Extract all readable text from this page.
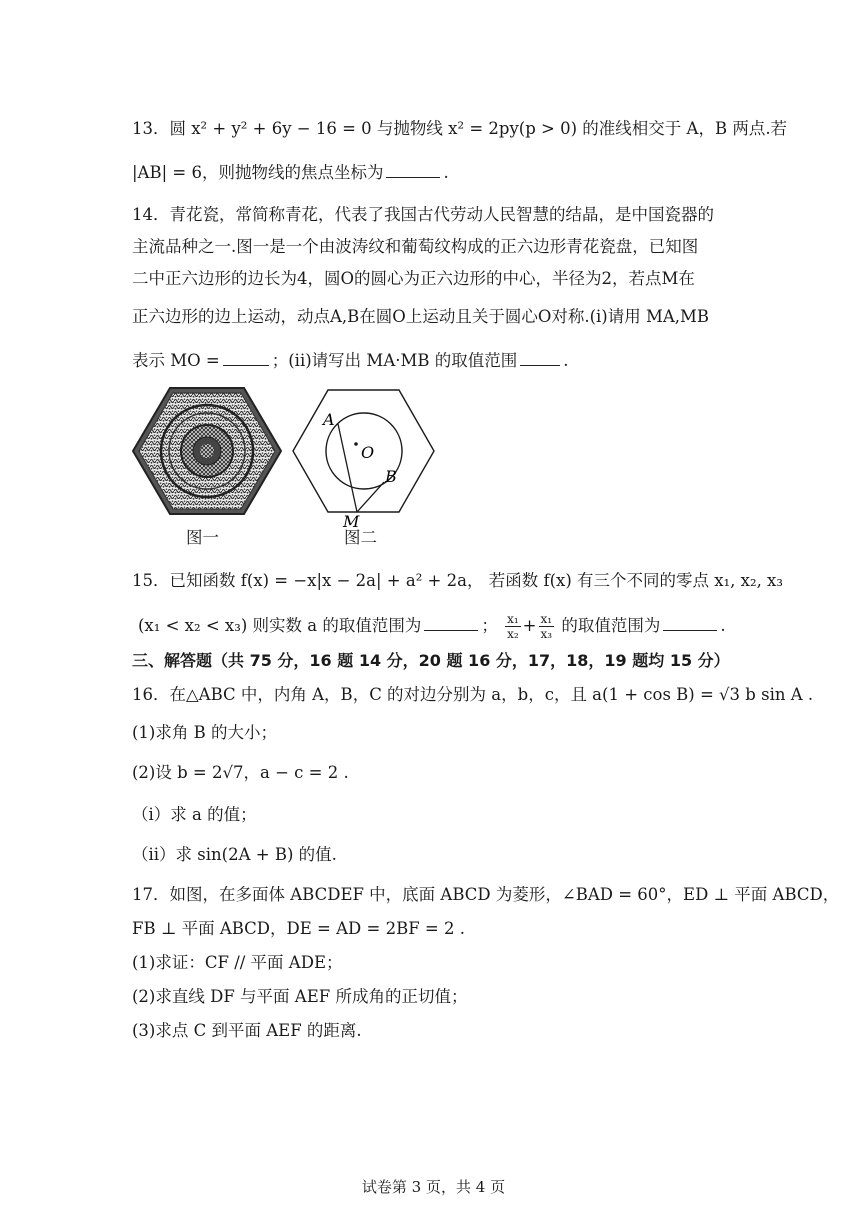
13．圆 x² + y² + 6y − 16 = 0 与抛物线 x² = 2py(p > 0) 的准线相交于 A，B 两点.若
|AB| = 6，则抛物线的焦点坐标为	.
14．青花瓷，常简称青花，代表了我国古代劳动人民智慧的结晶，是中国瓷器的
主流品种之一.图一是一个由波涛纹和葡萄纹构成的正六边形青花瓷盘，已知图
二中正六边形的边长为4，圆O的圆心为正六边形的中心，半径为2，若点M在
正六边形的边上运动，动点A,B在圆O上运动且关于圆心O对称.(i)请用 MA,MB
表示 MO =	；(ii)请写出 MA·MB 的取值范围	.
A
O
B
M
图一	图二
15．已知函数 f(x) = −x|x − 2a| + a² + 2a， 若函数 f(x) 有三个不同的零点 x₁, x₂, x₃
(x₁ < x₂ < x₃) 则实数 a 的取值范围为	； $\frac{\text{x₁}}{\text{x₂}} + \frac{\text{x₁}}{\text{x₃}}$ 的取值范围为	.
三、解答题（共 75 分，16 题 14 分，20 题 16 分，17，18，19 题均 15 分）
16．在△ABC 中，内角 A，B，C 的对边分别为 a，b，c，且 a(1 + cos B) = √3 b sin A .
(1)求角 B 的大小；
(2)设 b = 2√7，a − c = 2 .
（i）求 a 的值；
（ii）求 sin(2A + B) 的值.
17．如图，在多面体 ABCDEF 中，底面 ABCD 为菱形，∠BAD = 60°，ED ⊥ 平面 ABCD，
FB ⊥ 平面 ABCD，DE = AD = 2BF = 2 .
(1)求证：CF // 平面 ADE；
(2)求直线 DF 与平面 AEF 所成角的正切值；
(3)求点 C 到平面 AEF 的距离.
试卷第 3 页，共 4 页
